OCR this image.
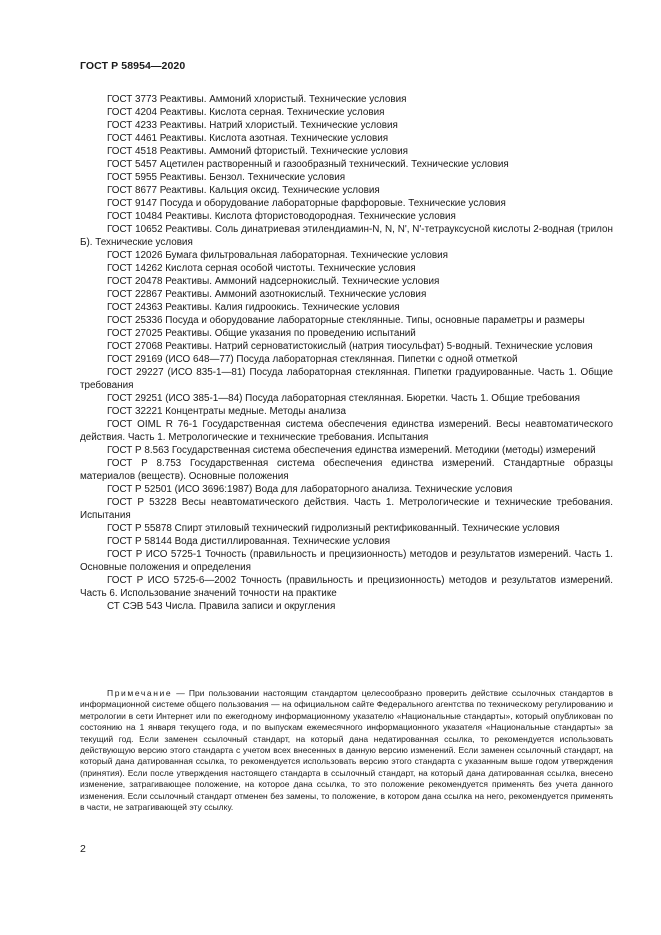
ГОСТ Р 58954—2020

ГОСТ 3773 Реактивы. Аммоний хлористый. Технические условия

ГОСТ 4204 Реактивы. Кислота серная. Технические условия

ГОСТ 4233 Реактивы. Натрий хлористый. Технические условия

ГОСТ 4461 Реактивы. Кислота азотная. Технические условия

ГОСТ 4518 Реактивы. Аммоний фтористый. Технические условия

ГОСТ 5457 Ацетилен растворенный и газообразный технический. Технические условия

ГОСТ 5955 Реактивы. Бензол. Технические условия

ГОСТ 8677 Реактивы. Кальция оксид. Технические условия

ГОСТ 9147 Посуда и оборудование лабораторные фарфоровые. Технические условия

ГОСТ 10484 Реактивы. Кислота фтористоводородная. Технические условия

ГОСТ 10652 Реактивы. Соль динатриевая этилендиамин-N, N, N', N'-тетрауксусной кислоты 2-водная (трилон Б). Технические условия

ГОСТ 12026 Бумага фильтровальная лабораторная. Технические условия

ГОСТ 14262 Кислота серная особой чистоты. Технические условия

ГОСТ 20478 Реактивы. Аммоний надсернокислый. Технические условия

ГОСТ 22867 Реактивы. Аммоний азотнокислый. Технические условия

ГОСТ 24363 Реактивы. Калия гидроокись. Технические условия

ГОСТ 25336 Посуда и оборудование лабораторные стеклянные. Типы, основные параметры и размеры

ГОСТ 27025 Реактивы. Общие указания по проведению испытаний

ГОСТ 27068 Реактивы. Натрий серноватистокислый (натрия тиосульфат) 5-водный. Технические условия

ГОСТ 29169 (ИСО 648—77) Посуда лабораторная стеклянная. Пипетки с одной отметкой

ГОСТ 29227 (ИСО 835-1—81) Посуда лабораторная стеклянная. Пипетки градуированные. Часть 1. Общие требования

ГОСТ 29251 (ИСО 385-1—84) Посуда лабораторная стеклянная. Бюретки. Часть 1. Общие требования

ГОСТ 32221 Концентраты медные. Методы анализа

ГОСТ OIML R 76-1 Государственная система обеспечения единства измерений. Весы неавтоматического действия. Часть 1. Метрологические и технические требования. Испытания

ГОСТ Р 8.563 Государственная система обеспечения единства измерений. Методики (методы) измерений

ГОСТ Р 8.753 Государственная система обеспечения единства измерений. Стандартные образцы материалов (веществ). Основные положения

ГОСТ Р 52501 (ИСО 3696:1987) Вода для лабораторного анализа. Технические условия

ГОСТ Р 53228 Весы неавтоматического действия. Часть 1. Метрологические и технические требования. Испытания

ГОСТ Р 55878 Спирт этиловый технический гидролизный ректификованный. Технические условия

ГОСТ Р 58144 Вода дистиллированная. Технические условия

ГОСТ Р ИСО 5725-1 Точность (правильность и прецизионность) методов и результатов измерений. Часть 1. Основные положения и определения

ГОСТ Р ИСО 5725-6—2002 Точность (правильность и прецизионность) методов и результатов измерений. Часть 6. Использование значений точности на практике

СТ СЭВ 543 Числа. Правила записи и округления

Примечание — При пользовании настоящим стандартом целесообразно проверить действие ссылочных стандартов в информационной системе общего пользования — на официальном сайте Федерального агентства по техническому регулированию и метрологии в сети Интернет или по ежегодному информационному указателю «Национальные стандарты», который опубликован по состоянию на 1 января текущего года, и по выпускам ежемесячного информационного указателя «Национальные стандарты» за текущий год. Если заменен ссылочный стандарт, на который дана недатированная ссылка, то рекомендуется использовать действующую версию этого стандарта с учетом всех внесенных в данную версию изменений. Если заменен ссылочный стандарт, на который дана датированная ссылка, то рекомендуется использовать версию этого стандарта с указанным выше годом утверждения (принятия). Если после утверждения настоящего стандарта в ссылочный стандарт, на который дана датированная ссылка, внесено изменение, затрагивающее положение, на которое дана ссылка, то это положение рекомендуется применять без учета данного изменения. Если ссылочный стандарт отменен без замены, то положение, в котором дана ссылка на него, рекомендуется применять в части, не затрагивающей эту ссылку.

2
